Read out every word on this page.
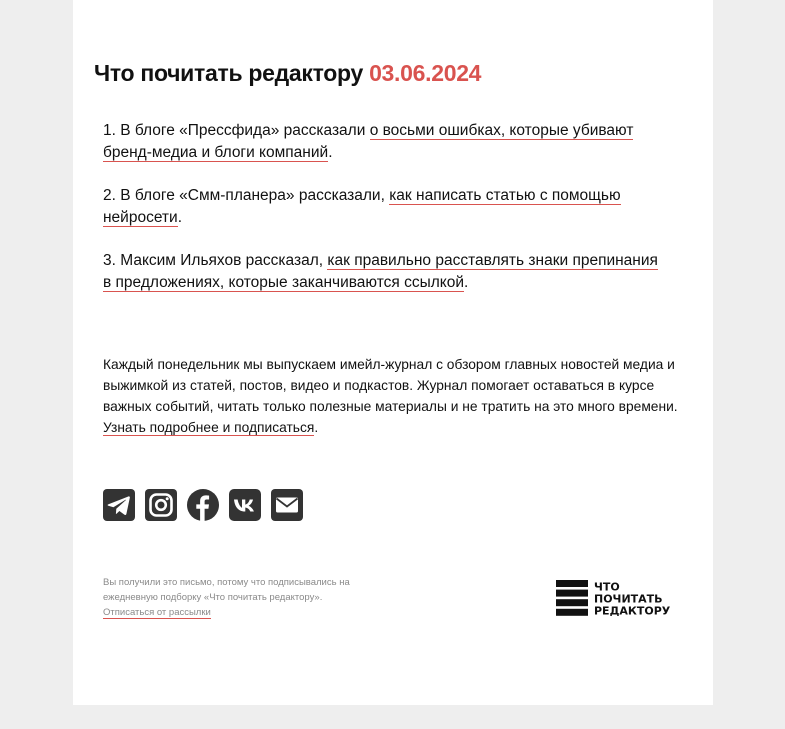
Что почитать редактору 03.06.2024

1. В блоге «Прессфида» рассказали о восьми ошибках, которые убивают бренд-медиа и блоги компаний.

2. В блоге «Смм-планера» рассказали, как написать статью с помощью нейросети.

3. Максим Ильяхов рассказал, как правильно расставлять знаки препинания в предложениях, которые заканчиваются ссылкой.

Каждый понедельник мы выпускаем имейл-журнал с обзором главных новостей медиа и выжимкой из статей, постов, видео и подкастов. Журнал помогает оставаться в курсе важных событий, читать только полезные материалы и не тратить на это много времени. Узнать подробнее и подписаться.

Вы получили это письмо, потому что подписывались на ежедневную подборку «Что почитать редактору».
Отписаться от рассылки

ЧТО
ПОЧИТАТЬ
РЕДАКТОРУ
